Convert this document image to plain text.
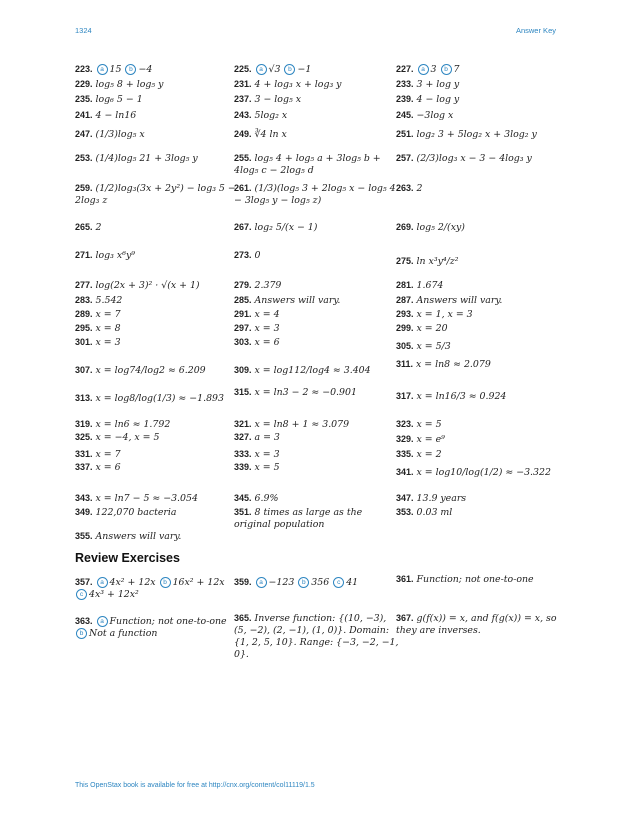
1324	Answer Key
223. a 15 b −4
229. log₅ 8 + log₅ y
235. log₆ 5 − 1
241. 4 − ln16
247. (1/3)log₅ x
253. (1/4)log₅ 21 + 3log₅ y
259. (1/2)log₃(3x + 2y²) − log₃ 5 − 2log₃ z
265. 2
271. log₃ x⁶y⁹
277. log(2x + 3)² · √(x + 1)
283. 5.542
289. x = 7
295. x = 8
301. x = 3
307. x = log74/log2 ≈ 6.209
313. x = log8/log(1/3) ≈ −1.893
319. x = ln6 ≈ 1.792
325. x = −4, x = 5
331. x = 7
337. x = 6
343. x = ln7 − 5 ≈ −3.054
349. 122,070 bacteria
355. Answers will vary.
357. a 4x² + 12x b 16x² + 12xc 4x³ + 12x²
363. a Function; not one-to-oneb Not a function
225. a √3 b −1
231. 4 + log₃ x + log₃ y
237. 3 − log₅ x
243. 5log₂ x
249. ∛4 ln x
255. log₅ 4 + log₅ a + 3log₅ b + 4log₅ c − 2log₅ d
261. (1/3)(log₅ 3 + 2log₅ x − log₅ 4 − 3log₅ y − log₅ z)
267. log₂ 5/(x − 1)
273. 0
279. 2.379
285. Answers will vary.
291. x = 4
297. x = 3
303. x = 6
309. x = log112/log4 ≈ 3.404
315. x = ln3 − 2 ≈ −0.901
321. x = ln8 + 1 ≈ 3.079
327. a = 3
333. x = 3
339. x = 5
345. 6.9%
351. 8 times as large as the original population
359. a −123 b 356 c 41
365. Inverse function: {(10, −3), (5, −2), (2, −1), (1, 0)}. Domain: {1, 2, 5, 10}. Range: {−3, −2, −1, 0}.
227. a 3 b 7
233. 3 + log y
239. 4 − log y
245. −3log x
251. log₂ 3 + 5log₂ x + 3log₂ y
257. (2/3)log₃ x − 3 − 4log₃ y
263. 2
269. log₅ 2/(xy)
275. ln x³y⁴/z²
281. 1.674
287. Answers will vary.
293. x = 1, x = 3
299. x = 20
305. x = 5/3
311. x = ln8 ≈ 2.079
317. x = ln16/3 ≈ 0.924
323. x = 5
329. x = e⁹
335. x = 2
341. x = log10/log(1/2) ≈ −3.322
347. 13.9 years
353. 0.03 ml
361. Function; not one-to-one
367. g(f(x)) = x, and f(g(x)) = x, so they are inverses.
Review Exercises
This OpenStax book is available for free at http://cnx.org/content/col11119/1.5
